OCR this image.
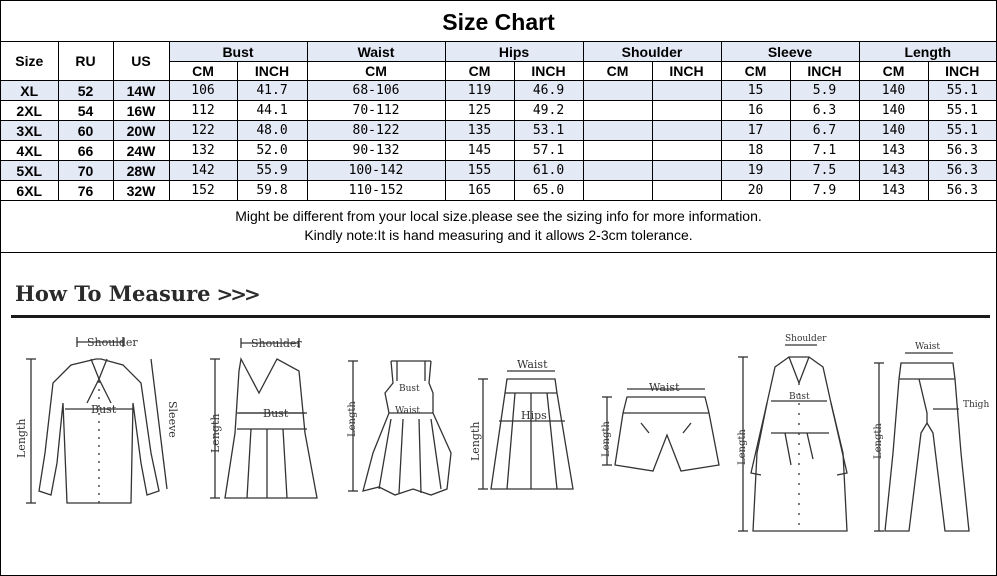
Size Chart
Size	RU	US	Bust		Waist	Hips		Shoulder		Sleeve		Length	
			CM	INCH	CM	CM	INCH	CM	INCH	CM	INCH	CM	INCH
XL	52	14W	106	41.7	68-106	119	46.9			15	5.9	140	55.1
2XL	54	16W	112	44.1	70-112	125	49.2			16	6.3	140	55.1
3XL	60	20W	122	48.0	80-122	135	53.1			17	6.7	140	55.1
4XL	66	24W	132	52.0	90-132	145	57.1			18	7.1	143	56.3
5XL	70	28W	142	55.9	100-142	155	61.0			19	7.5	143	56.3
6XL	76	32W	152	59.8	110-152	165	65.0			20	7.9	143	56.3
Might be different from your local size.please see the sizing info for more information.
Kindly note:It is hand measuring and it allows 2-3cm tolerance.
How To Measure >>>
Shoulder
Bust
Length	Sleeve
Shoulder
Bust
Length
Bust
Waist
Length
Waist
Hips
Length
Waist
Length
Shoulder
Bust
Length
Waist
Thigh
Length
